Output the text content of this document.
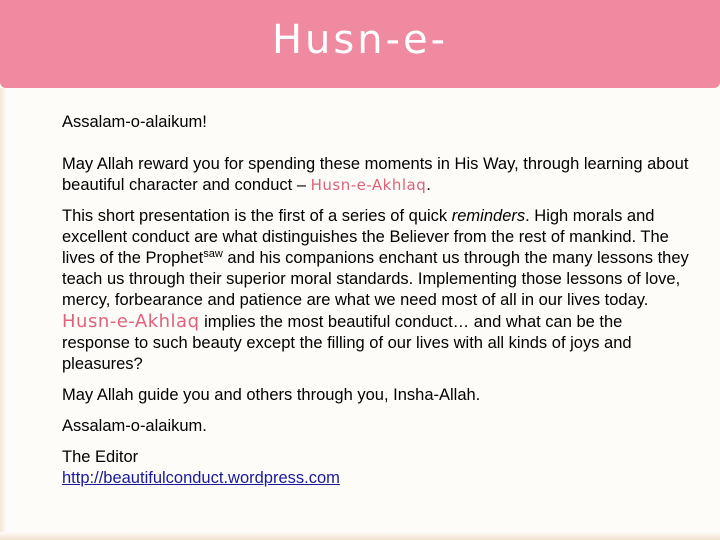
Husn-e-

Assalam-o-alaikum!

May Allah reward you for spending these moments in His Way, through learning about beautiful character and conduct – Husn-e-Akhlaq.

This short presentation is the first of a series of quick reminders. High morals and excellent conduct are what distinguishes the Believer from the rest of mankind. The lives of the Prophet$^{saw}$ and his companions enchant us through the many lessons they teach us through their superior moral standards. Implementing those lessons of love, mercy, forbearance and patience are what we need most of all in our lives today. Husn-e-Akhlaq implies the most beautiful conduct… and what can be the response to such beauty except the filling of our lives with all kinds of joys and pleasures?

May Allah guide you and others through you, Insha-Allah.

Assalam-o-alaikum.

The Editor

http://beautifulconduct.wordpress.com
